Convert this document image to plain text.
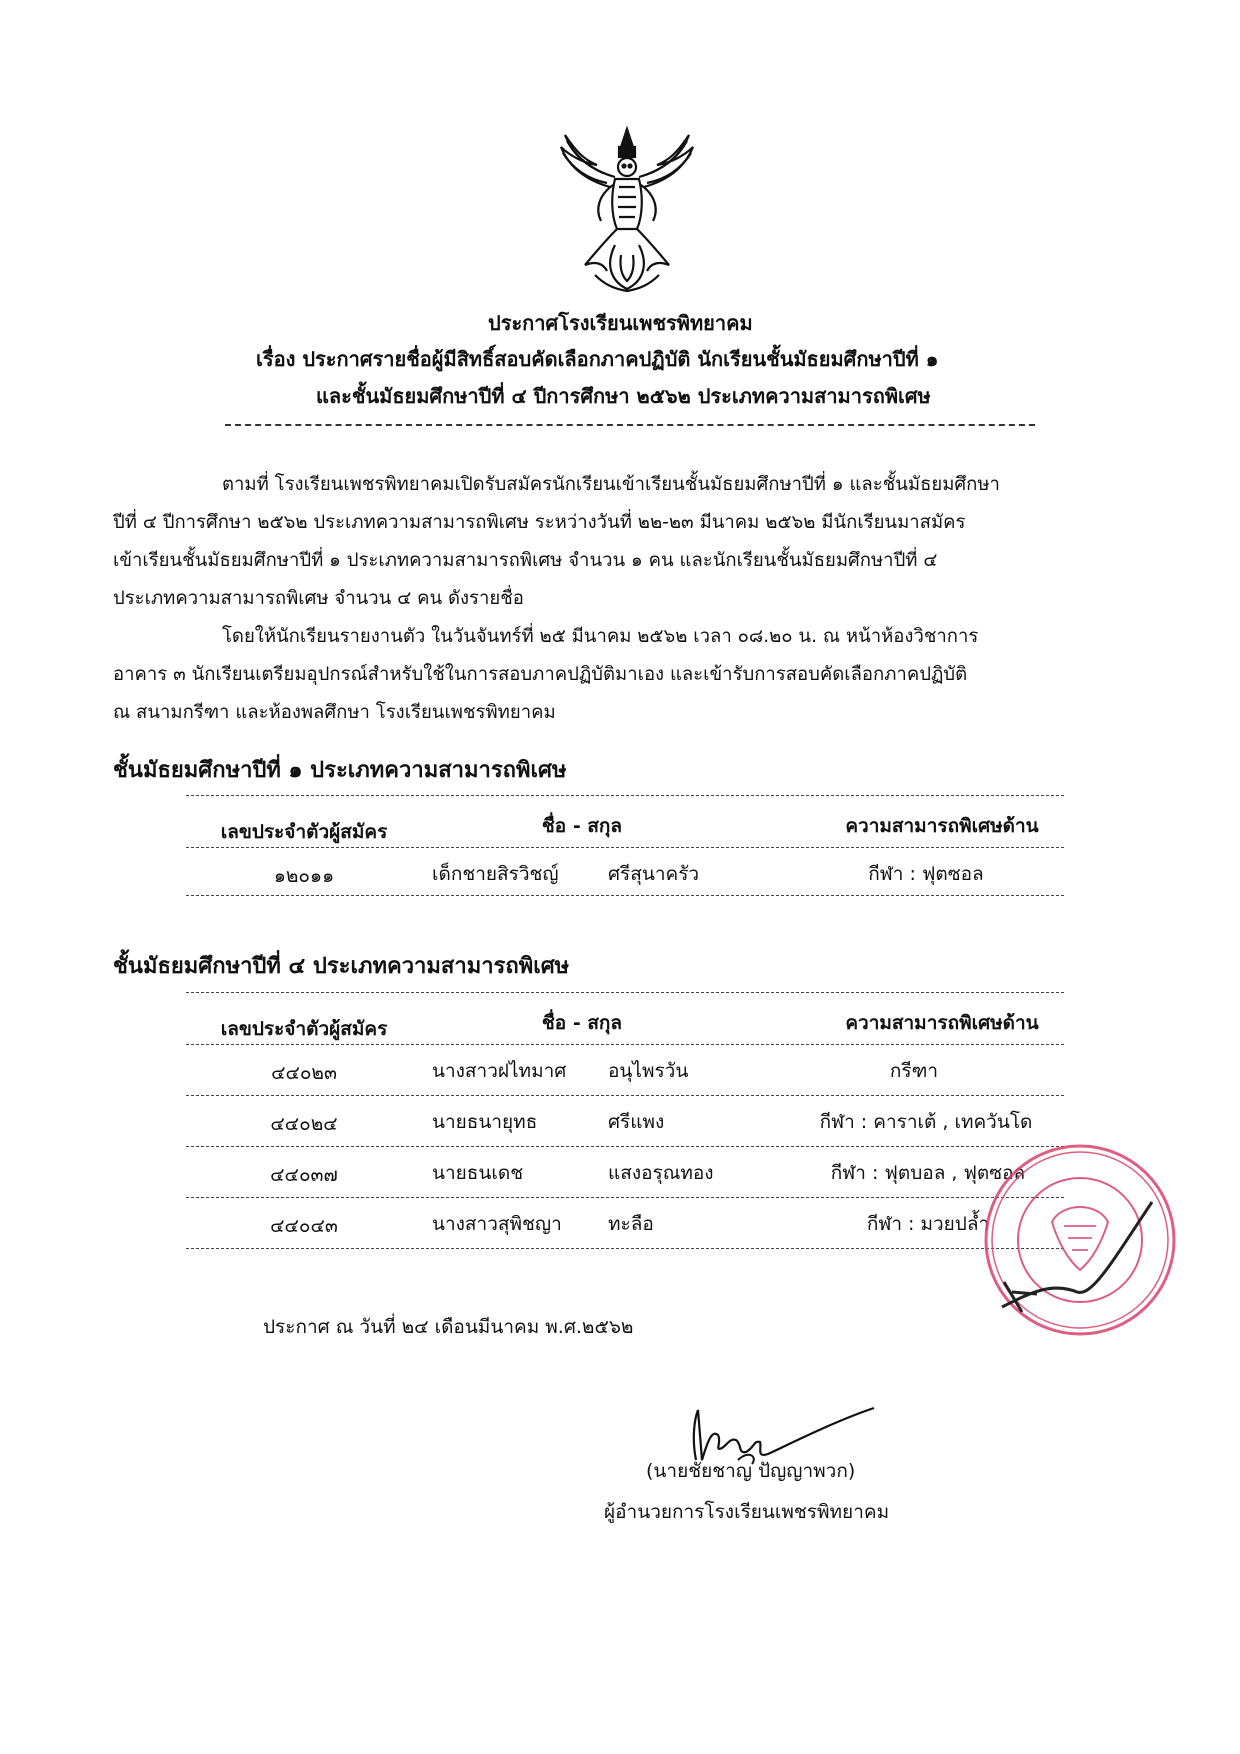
ประกาศโรงเรียนเพชรพิทยาคม
เรื่อง ประกาศรายชื่อผู้มีสิทธิ์สอบคัดเลือกภาคปฏิบัติ นักเรียนชั้นมัธยมศึกษาปีที่ ๑
และชั้นมัธยมศึกษาปีที่ ๔ ปีการศึกษา ๒๕๖๒ ประเภทความสามารถพิเศษ
ตามที่ โรงเรียนเพชรพิทยาคมเปิดรับสมัครนักเรียนเข้าเรียนชั้นมัธยมศึกษาปีที่ ๑ และชั้นมัธยมศึกษา
ปีที่ ๔ ปีการศึกษา ๒๕๖๒ ประเภทความสามารถพิเศษ ระหว่างวันที่ ๒๒-๒๓ มีนาคม ๒๕๖๒ มีนักเรียนมาสมัคร
เข้าเรียนชั้นมัธยมศึกษาปีที่ ๑ ประเภทความสามารถพิเศษ จำนวน ๑ คน และนักเรียนชั้นมัธยมศึกษาปีที่ ๔
ประเภทความสามารถพิเศษ จำนวน ๔ คน ดังรายชื่อ
โดยให้นักเรียนรายงานตัว ในวันจันทร์ที่ ๒๕ มีนาคม ๒๕๖๒ เวลา ๐๘.๒๐ น. ณ หน้าห้องวิชาการ
อาคาร ๓ นักเรียนเตรียมอุปกรณ์สำหรับใช้ในการสอบภาคปฏิบัติมาเอง และเข้ารับการสอบคัดเลือกภาคปฏิบัติ
ณ สนามกรีฑา และห้องพลศึกษา โรงเรียนเพชรพิทยาคม
ชั้นมัธยมศึกษาปีที่ ๑ ประเภทความสามารถพิเศษ
เลขประจำตัวผู้สมัคร	ชื่อ - สกุล	ความสามารถพิเศษด้าน
๑๒๐๑๑	เด็กชายสิรวิชญ์	ศรีสุนาครัว	กีฬา : ฟุตซอล
ชั้นมัธยมศึกษาปีที่ ๔ ประเภทความสามารถพิเศษ
เลขประจำตัวผู้สมัคร	ชื่อ - สกุล	ความสามารถพิเศษด้าน
๔๔๐๒๓	นางสาวฝไทมาศ อนุไพรวัน	กรีฑา
๔๔๐๒๔	นายธนายุทธ	ศรีแพง	กีฬา : คาราเต้ , เทควันโด
๔๔๐๓๗	นายธนเดช	แสงอรุณทอง	กีฬา : ฟุตบอล , ฟุตซอล
๔๔๐๔๓	นางสาวสุพิชญา ทะลือ	กีฬา : มวยปล้ำ
ประกาศ ณ วันที่ ๒๔ เดือนมีนาคม พ.ศ.๒๕๖๒
(นายชัยชาญ ปัญญาพวก)
ผู้อำนวยการโรงเรียนเพชรพิทยาคม
